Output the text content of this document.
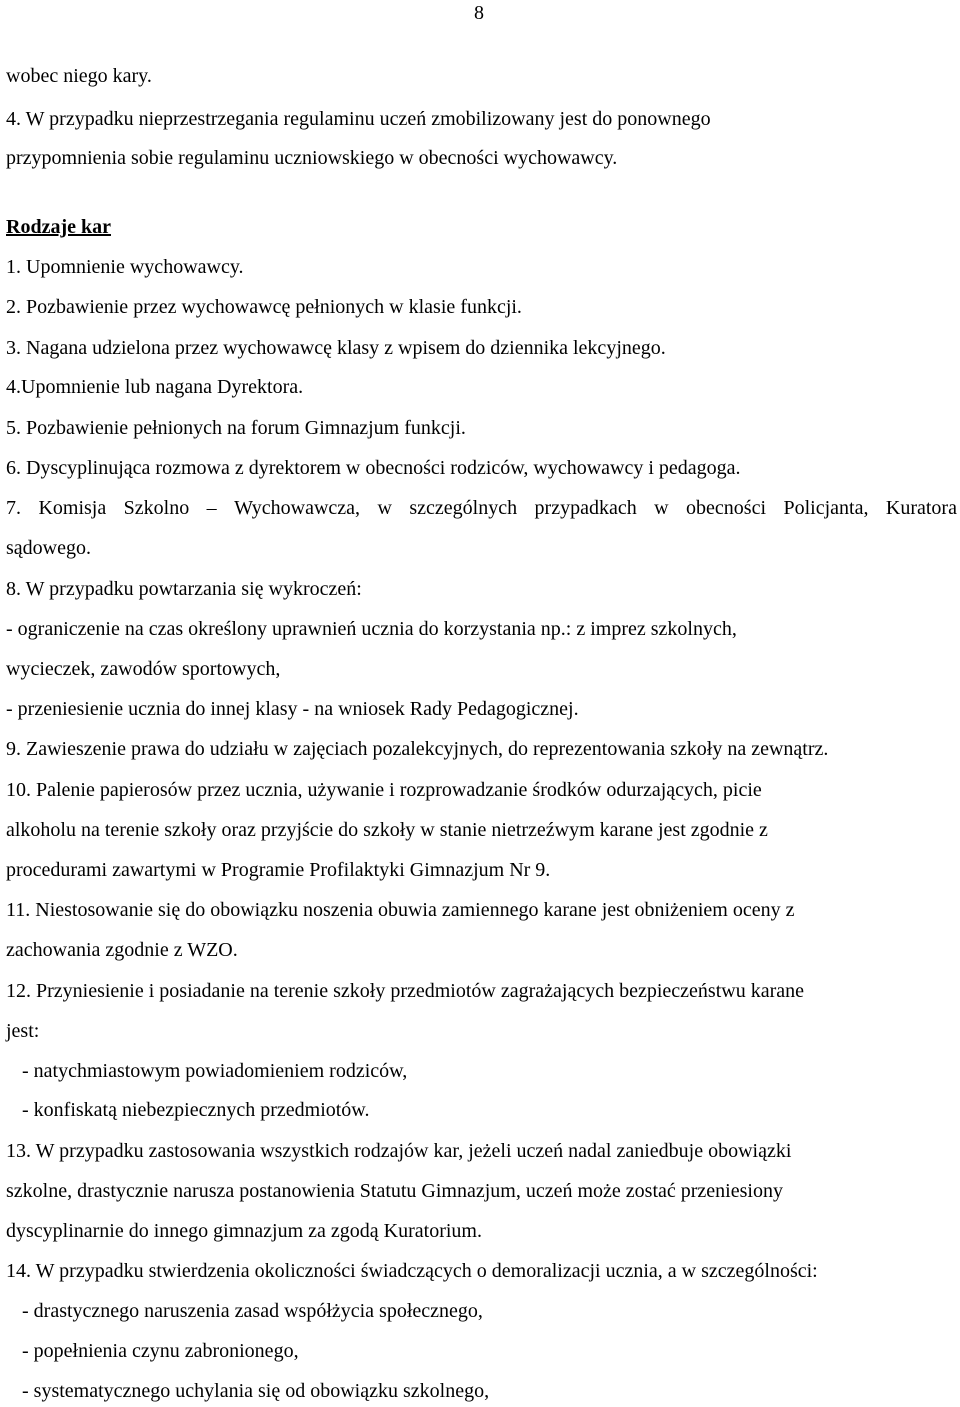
8
wobec niego kary.
4. W przypadku nieprzestrzegania regulaminu uczeń zmobilizowany jest do ponownego
przypomnienia sobie regulaminu uczniowskiego w obecności wychowawcy.
Rodzaje kar
1. Upomnienie wychowawcy.
2. Pozbawienie przez wychowawcę pełnionych w klasie funkcji.
3. Nagana udzielona przez wychowawcę klasy z wpisem do dziennika lekcyjnego.
4.Upomnienie lub nagana Dyrektora.
5. Pozbawienie pełnionych na forum Gimnazjum funkcji.
6. Dyscyplinująca rozmowa z dyrektorem w obecności rodziców, wychowawcy i pedagoga.
7. Komisja Szkolno – Wychowawcza, w szczególnych przypadkach w obecności Policjanta, Kuratora
sądowego.
8. W przypadku powtarzania się wykroczeń:
- ograniczenie na czas określony uprawnień ucznia do korzystania np.: z imprez szkolnych,
wycieczek, zawodów sportowych,
- przeniesienie ucznia do innej klasy - na wniosek Rady Pedagogicznej.
9. Zawieszenie prawa do udziału w zajęciach pozalekcyjnych, do reprezentowania szkoły na zewnątrz.
10. Palenie papierosów przez ucznia, używanie i rozprowadzanie środków odurzających, picie
alkoholu na terenie szkoły oraz przyjście do szkoły w stanie nietrzeźwym karane jest zgodnie z
procedurami zawartymi w Programie Profilaktyki Gimnazjum Nr 9.
11. Niestosowanie się do obowiązku noszenia obuwia zamiennego karane jest obniżeniem oceny z
zachowania zgodnie z WZO.
12. Przyniesienie i posiadanie na terenie szkoły przedmiotów zagrażających bezpieczeństwu karane
jest:
- natychmiastowym powiadomieniem rodziców,
- konfiskatą niebezpiecznych przedmiotów.
13. W przypadku zastosowania wszystkich rodzajów kar, jeżeli uczeń nadal zaniedbuje obowiązki
szkolne, drastycznie narusza postanowienia Statutu Gimnazjum, uczeń może zostać przeniesiony
dyscyplinarnie do innego gimnazjum za zgodą Kuratorium.
14. W przypadku stwierdzenia okoliczności świadczących o demoralizacji ucznia, a w szczególności:
- drastycznego naruszenia zasad współżycia społecznego,
- popełnienia czynu zabronionego,
- systematycznego uchylania się od obowiązku szkolnego,
